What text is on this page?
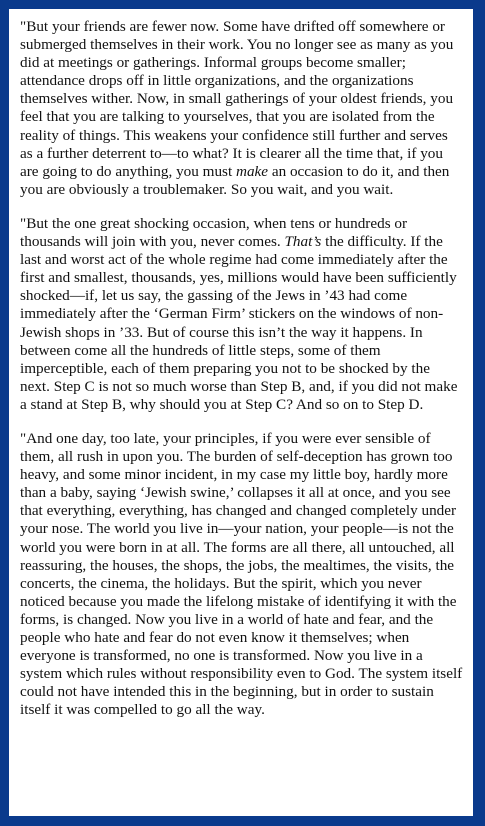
"But your friends are fewer now. Some have drifted off somewhere or submerged themselves in their work. You no longer see as many as you did at meetings or gatherings. Informal groups become smaller; attendance drops off in little organizations, and the organizations themselves wither. Now, in small gatherings of your oldest friends, you feel that you are talking to yourselves, that you are isolated from the reality of things. This weakens your confidence still further and serves as a further deterrent to—to what? It is clearer all the time that, if you are going to do anything, you must make an occasion to do it, and then you are obviously a troublemaker. So you wait, and you wait.

"But the one great shocking occasion, when tens or hundreds or thousands will join with you, never comes. That’s the difficulty. If the last and worst act of the whole regime had come immediately after the first and smallest, thousands, yes, millions would have been sufficiently shocked—if, let us say, the gassing of the Jews in ’43 had come immediately after the ‘German Firm’ stickers on the windows of non-Jewish shops in ’33. But of course this isn’t the way it happens. In between come all the hundreds of little steps, some of them imperceptible, each of them preparing you not to be shocked by the next. Step C is not so much worse than Step B, and, if you did not make a stand at Step B, why should you at Step C? And so on to Step D.

"And one day, too late, your principles, if you were ever sensible of them, all rush in upon you. The burden of self-deception has grown too heavy, and some minor incident, in my case my little boy, hardly more than a baby, saying ‘Jewish swine,’ collapses it all at once, and you see that everything, everything, has changed and changed completely under your nose. The world you live in—your nation, your people—is not the world you were born in at all. The forms are all there, all untouched, all reassuring, the houses, the shops, the jobs, the mealtimes, the visits, the concerts, the cinema, the holidays. But the spirit, which you never noticed because you made the lifelong mistake of identifying it with the forms, is changed. Now you live in a world of hate and fear, and the people who hate and fear do not even know it themselves; when everyone is transformed, no one is transformed. Now you live in a system which rules without responsibility even to God. The system itself could not have intended this in the beginning, but in order to sustain itself it was compelled to go all the way.
